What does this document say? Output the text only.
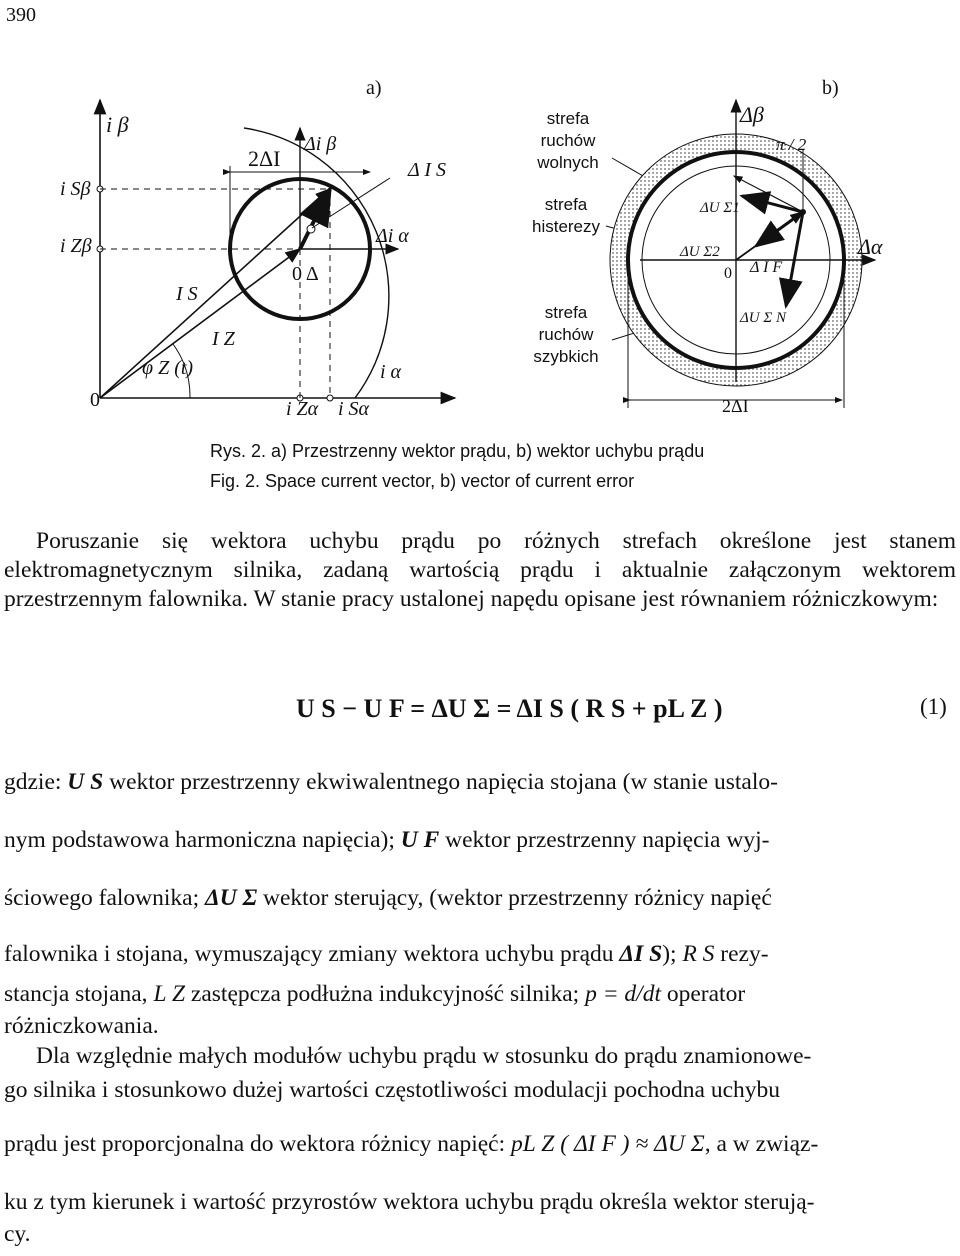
390
a)
i β
i Sβ
i Zβ
2ΔI
Δi β
Δi α
0 Δ
Δ I S
I S
I Z
φ Z (t)
0
i α
i Zα i Sα
strefa
ruchów
wolnych
strefa
histerezy
strefa
ruchów
szybkich
b)
Δβ
Δα
0
π / 2
ΔU Σ1
ΔU Σ2
Δ I F
ΔU Σ N
2ΔI
Rys. 2. a) Przestrzenny wektor prądu, b) wektor uchybu prądu
Fig. 2. Space current vector, b) vector of current error
Poruszanie się wektora uchybu prądu po różnych strefach określone jest stanem elektromagnetycznym silnika, zadaną wartością prądu i aktualnie załączonym wektorem przestrzennym falownika. W stanie pracy ustalonej napędu opisane jest równaniem różniczkowym:
U S − U F = ΔU Σ = ΔI S ( R S + pL Z )	(1)
gdzie: U S wektor przestrzenny ekwiwalentnego napięcia stojana (w stanie ustalo-
nym podstawowa harmoniczna napięcia); U F wektor przestrzenny napięcia wyj-
ściowego falownika; ΔU Σ wektor sterujący, (wektor przestrzenny różnicy napięć
falownika i stojana, wymuszający zmiany wektora uchybu prądu ΔI S); R S rezy-
stancja stojana, L Z zastępcza podłużna indukcyjność silnika; p = d/dt operator
różniczkowania.
Dla względnie małych modułów uchybu prądu w stosunku do prądu znamionowe-
go silnika i stosunkowo dużej wartości częstotliwości modulacji pochodna uchybu
prądu jest proporcjonalna do wektora różnicy napięć: pL Z ( ΔI F ) ≈ ΔU Σ, a w związ-
ku z tym kierunek i wartość przyrostów wektora uchybu prądu określa wektor sterują-
cy.
